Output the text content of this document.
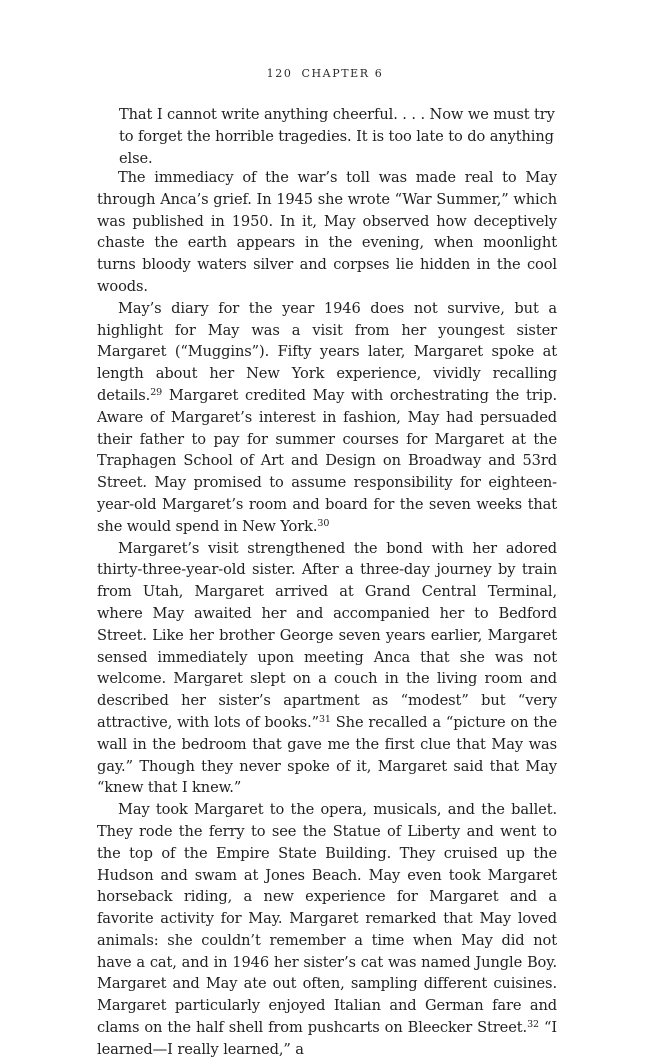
120 CHAPTER 6

That I cannot write anything cheerful. . . . Now we must try to forget the horrible tragedies. It is too late to do anything else.

The immediacy of the war’s toll was made real to May through Anca’s grief. In 1945 she wrote “War Summer,” which was published in 1950. In it, May observed how deceptively chaste the earth appears in the evening, when moonlight turns bloody waters silver and corpses lie hidden in the cool woods.

May’s diary for the year 1946 does not survive, but a highlight for May was a visit from her youngest sister Margaret (“Muggins”). Fifty years later, Margaret spoke at length about her New York experience, vividly recalling details.$^{29}$ Margaret credited May with orchestrating the trip. Aware of Margaret’s interest in fashion, May had persuaded their father to pay for summer courses for Margaret at the Traphagen School of Art and Design on Broadway and 53rd Street. May promised to assume responsibility for eighteen-year-old Margaret’s room and board for the seven weeks that she would spend in New York.$^{30}$

Margaret’s visit strengthened the bond with her adored thirty-three-year-old sister. After a three-day journey by train from Utah, Margaret arrived at Grand Central Terminal, where May awaited her and accompanied her to Bedford Street. Like her brother George seven years earlier, Margaret sensed immediately upon meeting Anca that she was not welcome. Margaret slept on a couch in the living room and described her sister’s apartment as “modest” but “very attractive, with lots of books.”$^{31}$ She recalled a “picture on the wall in the bedroom that gave me the first clue that May was gay.” Though they never spoke of it, Margaret said that May “knew that I knew.”

May took Margaret to the opera, musicals, and the ballet. They rode the ferry to see the Statue of Liberty and went to the top of the Empire State Building. They cruised up the Hudson and swam at Jones Beach. May even took Margaret horseback riding, a new experience for Margaret and a favorite activity for May. Margaret remarked that May loved animals: she couldn’t remember a time when May did not have a cat, and in 1946 her sister’s cat was named Jungle Boy. Margaret and May ate out often, sampling different cuisines. Margaret particularly enjoyed Italian and German fare and clams on the half shell from pushcarts on Bleecker Street.$^{32}$ “I learned—I really learned,” a
